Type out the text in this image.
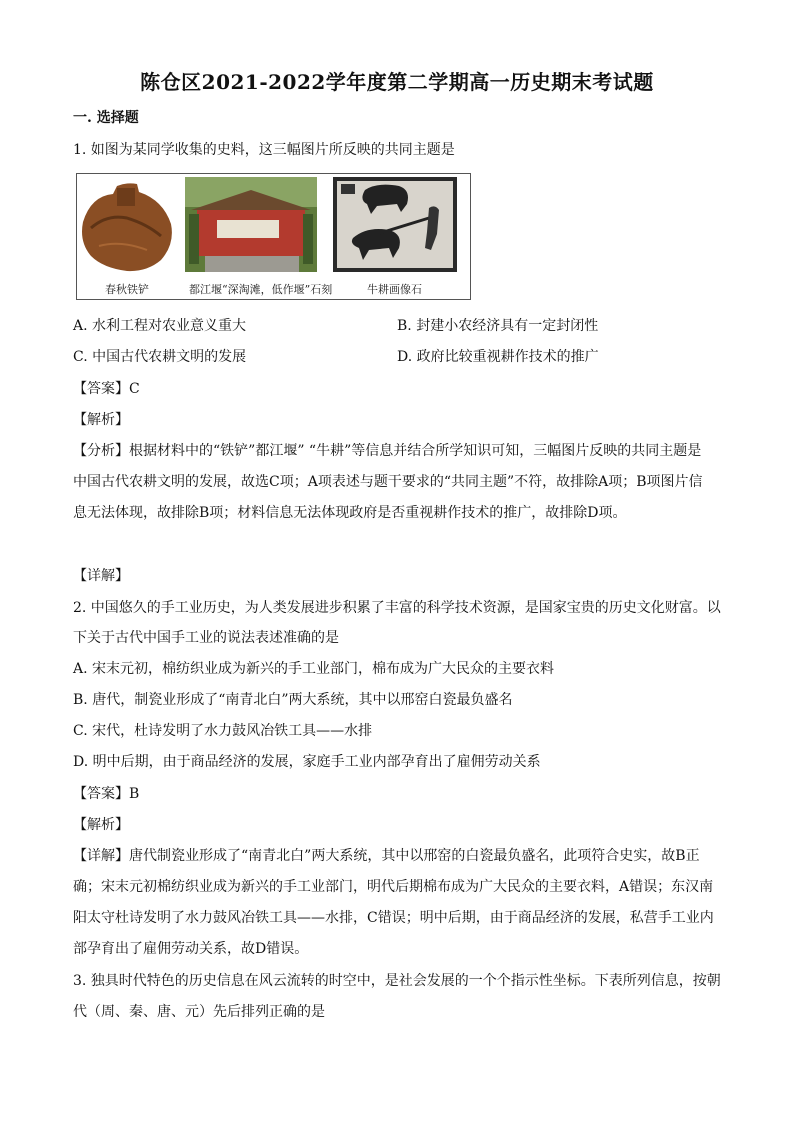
陈仓区2021-2022学年度第二学期高一历史期末考试题
一. 选择题
1. 如图为某同学收集的史料，这三幅图片所反映的共同主题是
春秋铁铲	都江堰“深淘滩，低作堰”石刻	牛耕画像石
A. 水利工程对农业意义重大	B. 封建小农经济具有一定封闭性
C. 中国古代农耕文明的发展	D. 政府比较重视耕作技术的推广
【答案】C
【解析】
【分析】根据材料中的“铁铲”都江堰” “牛耕”等信息并结合所学知识可知，三幅图片反映的共同主题是
中国古代农耕文明的发展，故选C项；A项表述与题干要求的“共同主题”不符，故排除A项；B项图片信
息无法体现，故排除B项；材料信息无法体现政府是否重视耕作技术的推广，故排除D项。
【详解】
2. 中国悠久的手工业历史，为人类发展进步积累了丰富的科学技术资源，是国家宝贵的历史文化财富。以
下关于古代中国手工业的说法表述准确的是
A. 宋末元初，棉纺织业成为新兴的手工业部门，棉布成为广大民众的主要衣料
B. 唐代，制瓷业形成了“南青北白”两大系统，其中以邢窑白瓷最负盛名
C. 宋代，杜诗发明了水力鼓风冶铁工具——水排
D. 明中后期，由于商品经济的发展，家庭手工业内部孕育出了雇佣劳动关系
【答案】B
【解析】
【详解】唐代制瓷业形成了“南青北白”两大系统，其中以邢窑的白瓷最负盛名，此项符合史实，故B正
确；宋末元初棉纺织业成为新兴的手工业部门，明代后期棉布成为广大民众的主要衣料，A错误；东汉南
阳太守杜诗发明了水力鼓风冶铁工具——水排，C错误；明中后期，由于商品经济的发展，私营手工业内
部孕育出了雇佣劳动关系，故D错误。
3. 独具时代特色的历史信息在风云流转的时空中，是社会发展的一个个指示性坐标。下表所列信息，按朝
代（周、秦、唐、元）先后排列正确的是
